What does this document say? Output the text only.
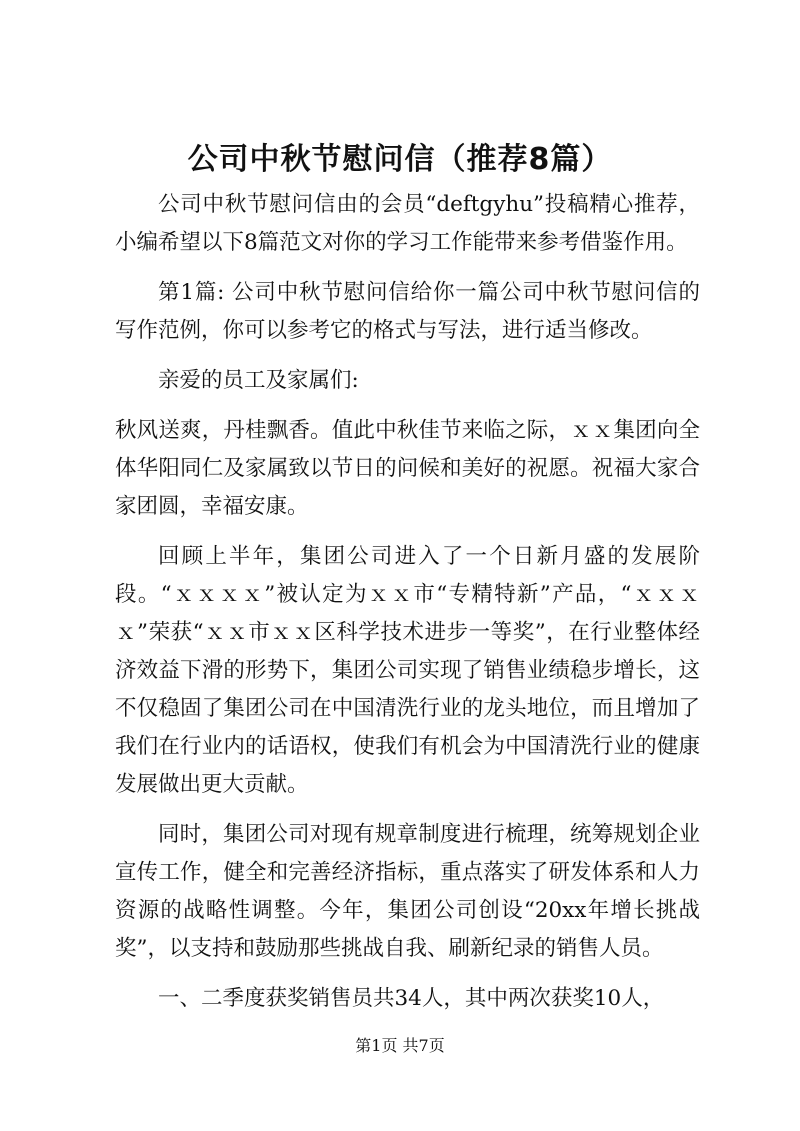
公司中秋节慰问信（推荐8篇）

公司中秋节慰问信由的会员“deftgyhu”投稿精心推荐，小编希望以下8篇范文对你的学习工作能带来参考借鉴作用。

第1篇: 公司中秋节慰问信给你一篇公司中秋节慰问信的写作范例，你可以参考它的格式与写法，进行适当修改。

亲爱的员工及家属们:

秋风送爽，丹桂飘香。值此中秋佳节来临之际，ｘｘ集团向全体华阳同仁及家属致以节日的问候和美好的祝愿。祝福大家合家团圆，幸福安康。

回顾上半年，集团公司进入了一个日新月盛的发展阶段。“ｘｘｘｘ”被认定为ｘｘ市“专精特新”产品，“ｘｘｘｘ”荣获“ｘｘ市ｘｘ区科学技术进步一等奖”，在行业整体经济效益下滑的形势下，集团公司实现了销售业绩稳步增长，这不仅稳固了集团公司在中国清洗行业的龙头地位，而且增加了我们在行业内的话语权，使我们有机会为中国清洗行业的健康发展做出更大贡献。

同时，集团公司对现有规章制度进行梳理，统筹规划企业宣传工作，健全和完善经济指标，重点落实了研发体系和人力资源的战略性调整。今年，集团公司创设“20xx年增长挑战奖”，以支持和鼓励那些挑战自我、刷新纪录的销售人员。

一、二季度获奖销售员共34人，其中两次获奖10人，

第1页 共7页
